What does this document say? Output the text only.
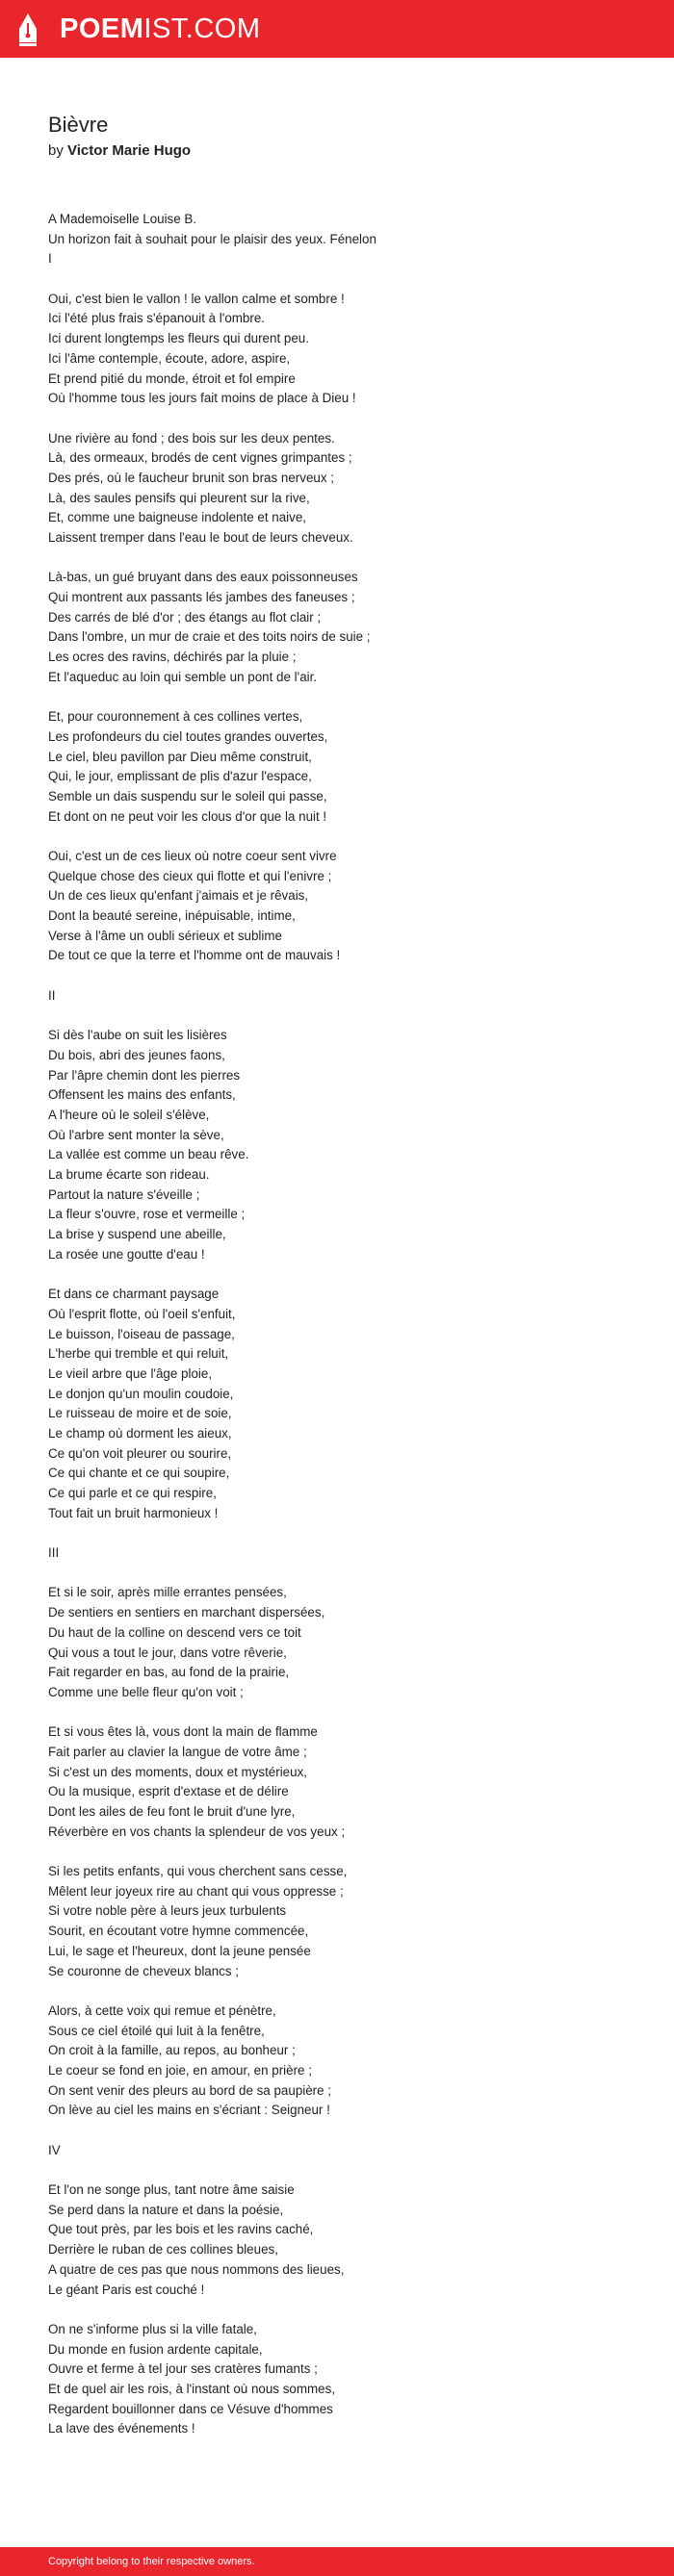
POEMIST.COM
Bièvre
by Victor Marie Hugo
A Mademoiselle Louise B.
Un horizon fait à souhait pour le plaisir des yeux. Fénelon
I
Oui, c'est bien le vallon ! le vallon calme et sombre !
Ici l'été plus frais s'épanouit à l'ombre.
Ici durent longtemps les fleurs qui durent peu.
Ici l'âme contemple, écoute, adore, aspire,
Et prend pitié du monde, étroit et fol empire
Où l'homme tous les jours fait moins de place à Dieu !
Une rivière au fond ; des bois sur les deux pentes.
Là, des ormeaux, brodés de cent vignes grimpantes ;
Des prés, où le faucheur brunit son bras nerveux ;
Là, des saules pensifs qui pleurent sur la rive,
Et, comme une baigneuse indolente et naive,
Laissent tremper dans l'eau le bout de leurs cheveux.
Là-bas, un gué bruyant dans des eaux poissonneuses
Qui montrent aux passants lés jambes des faneuses ;
Des carrés de blé d'or ; des étangs au flot clair ;
Dans l'ombre, un mur de craie et des toits noirs de suie ;
Les ocres des ravins, déchirés par la pluie ;
Et l'aqueduc au loin qui semble un pont de l'air.
Et, pour couronnement à ces collines vertes,
Les profondeurs du ciel toutes grandes ouvertes,
Le ciel, bleu pavillon par Dieu même construit,
Qui, le jour, emplissant de plis d'azur l'espace,
Semble un dais suspendu sur le soleil qui passe,
Et dont on ne peut voir les clous d'or que la nuit !
Oui, c'est un de ces lieux où notre coeur sent vivre
Quelque chose des cieux qui flotte et qui l'enivre ;
Un de ces lieux qu'enfant j'aimais et je rêvais,
Dont la beauté sereine, inépuisable, intime,
Verse à l'âme un oubli sérieux et sublime
De tout ce que la terre et l'homme ont de mauvais !
II
Si dès l'aube on suit les lisières
Du bois, abri des jeunes faons,
Par l'âpre chemin dont les pierres
Offensent les mains des enfants,
A l'heure où le soleil s'élève,
Où l'arbre sent monter la sève,
La vallée est comme un beau rêve.
La brume écarte son rideau.
Partout la nature s'éveille ;
La fleur s'ouvre, rose et vermeille ;
La brise y suspend une abeille,
La rosée une goutte d'eau !
Et dans ce charmant paysage
Où l'esprit flotte, où l'oeil s'enfuit,
Le buisson, l'oiseau de passage,
L'herbe qui tremble et qui reluit,
Le vieil arbre que l'âge ploie,
Le donjon qu'un moulin coudoie,
Le ruisseau de moire et de soie,
Le champ où dorment les aieux,
Ce qu'on voit pleurer ou sourire,
Ce qui chante et ce qui soupire,
Ce qui parle et ce qui respire,
Tout fait un bruit harmonieux !
III
Et si le soir, après mille errantes pensées,
De sentiers en sentiers en marchant dispersées,
Du haut de la colline on descend vers ce toit
Qui vous a tout le jour, dans votre rêverie,
Fait regarder en bas, au fond de la prairie,
Comme une belle fleur qu'on voit ;
Et si vous êtes là, vous dont la main de flamme
Fait parler au clavier la langue de votre âme ;
Si c'est un des moments, doux et mystérieux,
Ou la musique, esprit d'extase et de délire
Dont les ailes de feu font le bruit d'une lyre,
Réverbère en vos chants la splendeur de vos yeux ;
Si les petits enfants, qui vous cherchent sans cesse,
Mêlent leur joyeux rire au chant qui vous oppresse ;
Si votre noble père à leurs jeux turbulents
Sourit, en écoutant votre hymne commencée,
Lui, le sage et l'heureux, dont la jeune pensée
Se couronne de cheveux blancs ;
Alors, à cette voix qui remue et pénètre,
Sous ce ciel étoilé qui luit à la fenêtre,
On croit à la famille, au repos, au bonheur ;
Le coeur se fond en joie, en amour, en prière ;
On sent venir des pleurs au bord de sa paupière ;
On lève au ciel les mains en s'écriant : Seigneur !
IV
Et l'on ne songe plus, tant notre âme saisie
Se perd dans la nature et dans la poésie,
Que tout près, par les bois et les ravins caché,
Derrière le ruban de ces collines bleues,
A quatre de ces pas que nous nommons des lieues,
Le géant Paris est couché !
On ne s'informe plus si la ville fatale,
Du monde en fusion ardente capitale,
Ouvre et ferme à tel jour ses cratères fumants ;
Et de quel air les rois, à l'instant où nous sommes,
Regardent bouillonner dans ce Vésuve d'hommes
La lave des événements !
Copyright belong to their respective owners.
